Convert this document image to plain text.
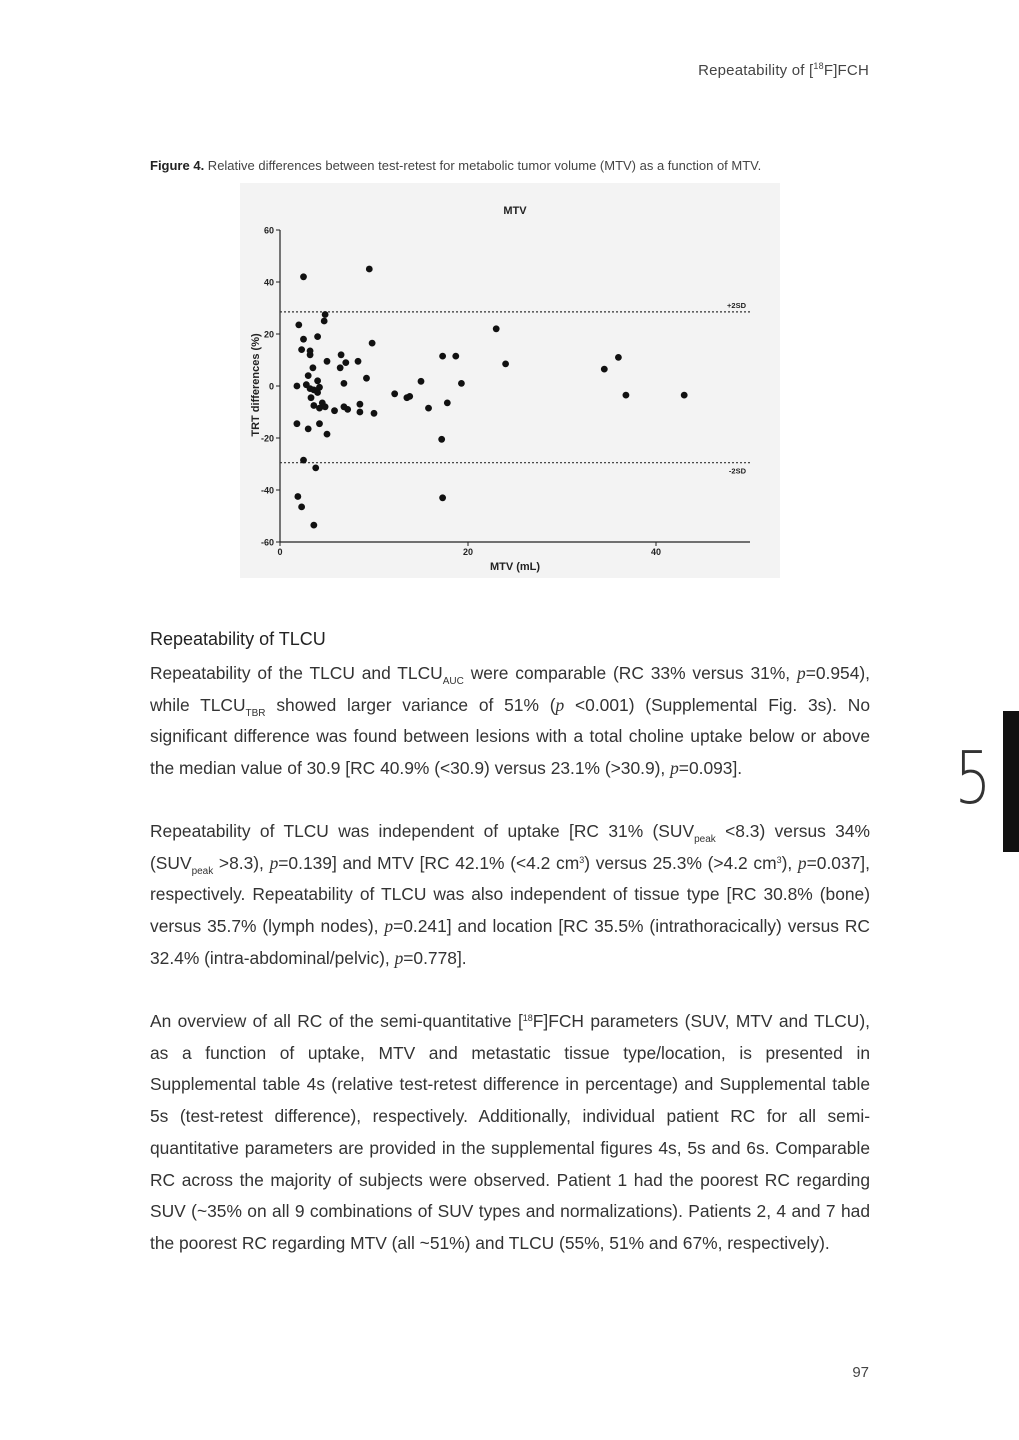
Repeatability of [$^{18}$F]FCH
Figure 4. Relative differences between test-retest for metabolic tumor volume (MTV) as a function of MTV.
MTV
TRT differences (%)
MTV (mL)
60
40
20
0
-20
-40
-60
0	20	40
+2SD
-2SD
Repeatability of TLCU

Repeatability of the TLCU and $TLCU_{AUC}$ were comparable (RC 33% versus 31%, p=0.954), while $TLCU_{TBR}$ showed larger variance of 51% (p <0.001) (Supplemental Fig. 3s). No significant difference was found between lesions with a total choline uptake below or above the median value of 30.9 [RC 40.9% (<30.9) versus 23.1% (>30.9), p=0.093].

Repeatability of TLCU was independent of uptake [RC 31% $(SUV_{peak} <8.3)$ versus 34% $(SUV_{peak} >8.3)$, p=0.139] and MTV [RC 42.1% (<4.2 $cm^3$) versus 25.3% (>4.2 $cm^3$), p=0.037], respectively. Repeatability of TLCU was also independent of tissue type [RC 30.8% (bone) versus 35.7% (lymph nodes), p=0.241] and location [RC 35.5% (intrathoracically) versus RC 32.4% (intra-abdominal/pelvic), p=0.778].

An overview of all RC of the semi-quantitative [$^{18}$F]FCH parameters (SUV, MTV and TLCU), as a function of uptake, MTV and metastatic tissue type/location, is presented in Supplemental table 4s (relative test-retest difference in percentage) and Supplemental table 5s (test-retest difference), respectively. Additionally, individual patient RC for all semi-quantitative parameters are provided in the supplemental figures 4s, 5s and 6s. Comparable RC across the majority of subjects were observed. Patient 1 had the poorest RC regarding SUV (~35% on all 9 combinations of SUV types and normalizations). Patients 2, 4 and 7 had the poorest RC regarding MTV (all ~51%) and TLCU (55%, 51% and 67%, respectively).

5
97
